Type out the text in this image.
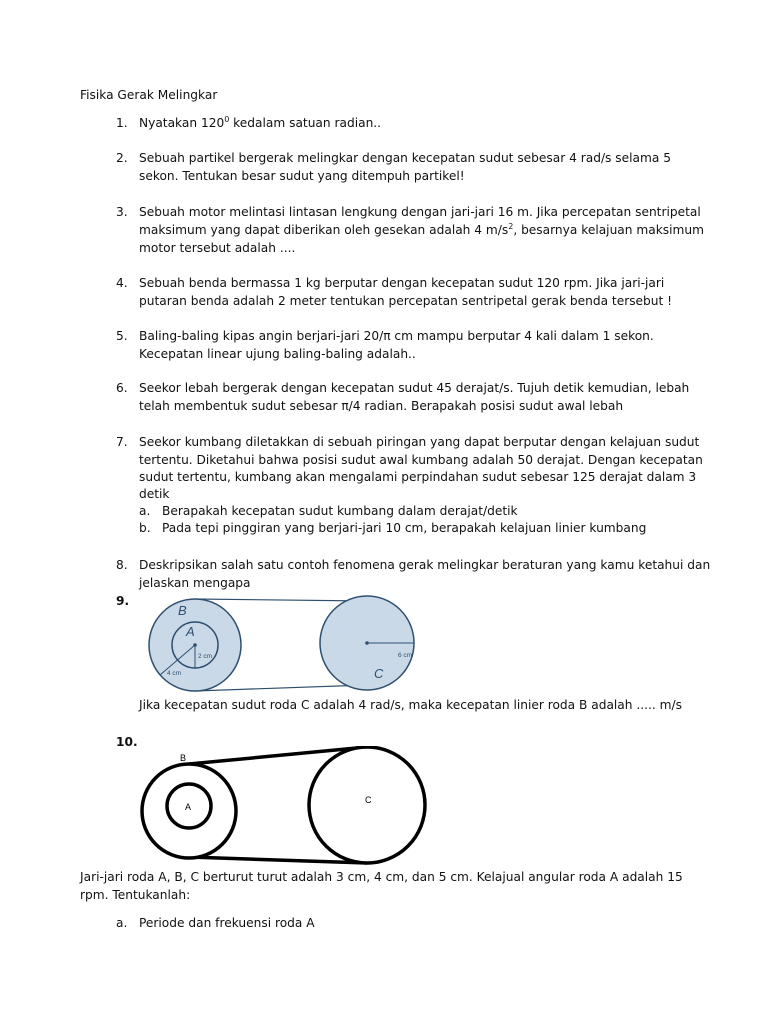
Fisika Gerak Melingkar
1. Nyatakan $120^0$ kedalam satuan radian..
2. Sebuah partikel bergerak melingkar dengan kecepatan sudut sebesar 4 rad/s selama 5
sekon. Tentukan besar sudut yang ditempuh partikel!
3. Sebuah motor melintasi lintasan lengkung dengan jari-jari 16 m. Jika percepatan sentripetal
maksimum yang dapat diberikan oleh gesekan adalah 4 $m/s^2$, besarnya kelajuan maksimum
motor tersebut adalah ....
4. Sebuah benda bermassa 1 kg berputar dengan kecepatan sudut 120 rpm. Jika jari-jari
putaran benda adalah 2 meter tentukan percepatan sentripetal gerak benda tersebut !
5. Baling-baling kipas angin berjari-jari 20/π cm mampu berputar 4 kali dalam 1 sekon.
Kecepatan linear ujung baling-baling adalah..
6. Seekor lebah bergerak dengan kecepatan sudut 45 derajat/s. Tujuh detik kemudian, lebah
telah membentuk sudut sebesar π/4 radian. Berapakah posisi sudut awal lebah
7. Seekor kumbang diletakkan di sebuah piringan yang dapat berputar dengan kelajuan sudut
tertentu. Diketahui bahwa posisi sudut awal kumbang adalah 50 derajat. Dengan kecepatan
sudut tertentu, kumbang akan mengalami perpindahan sudut sebesar 125 derajat dalam 3
detik
a. Berapakah kecepatan sudut kumbang dalam derajat/detik
b. Pada tepi pinggiran yang berjari-jari 10 cm, berapakah kelajuan linier kumbang
8. Deskripsikan salah satu contoh fenomena gerak melingkar beraturan yang kamu ketahui dan
jelaskan mengapa
9.
B
A
C
2 cm
4 cm
6 cm
Jika kecepatan sudut roda C adalah 4 rad/s, maka kecepatan linier roda B adalah ..... m/s
10.
B
A
C
Jari-jari roda A, B, C berturut turut adalah 3 cm, 4 cm, dan 5 cm. Kelajual angular roda A adalah 15
rpm. Tentukanlah:
a. Periode dan frekuensi roda A
